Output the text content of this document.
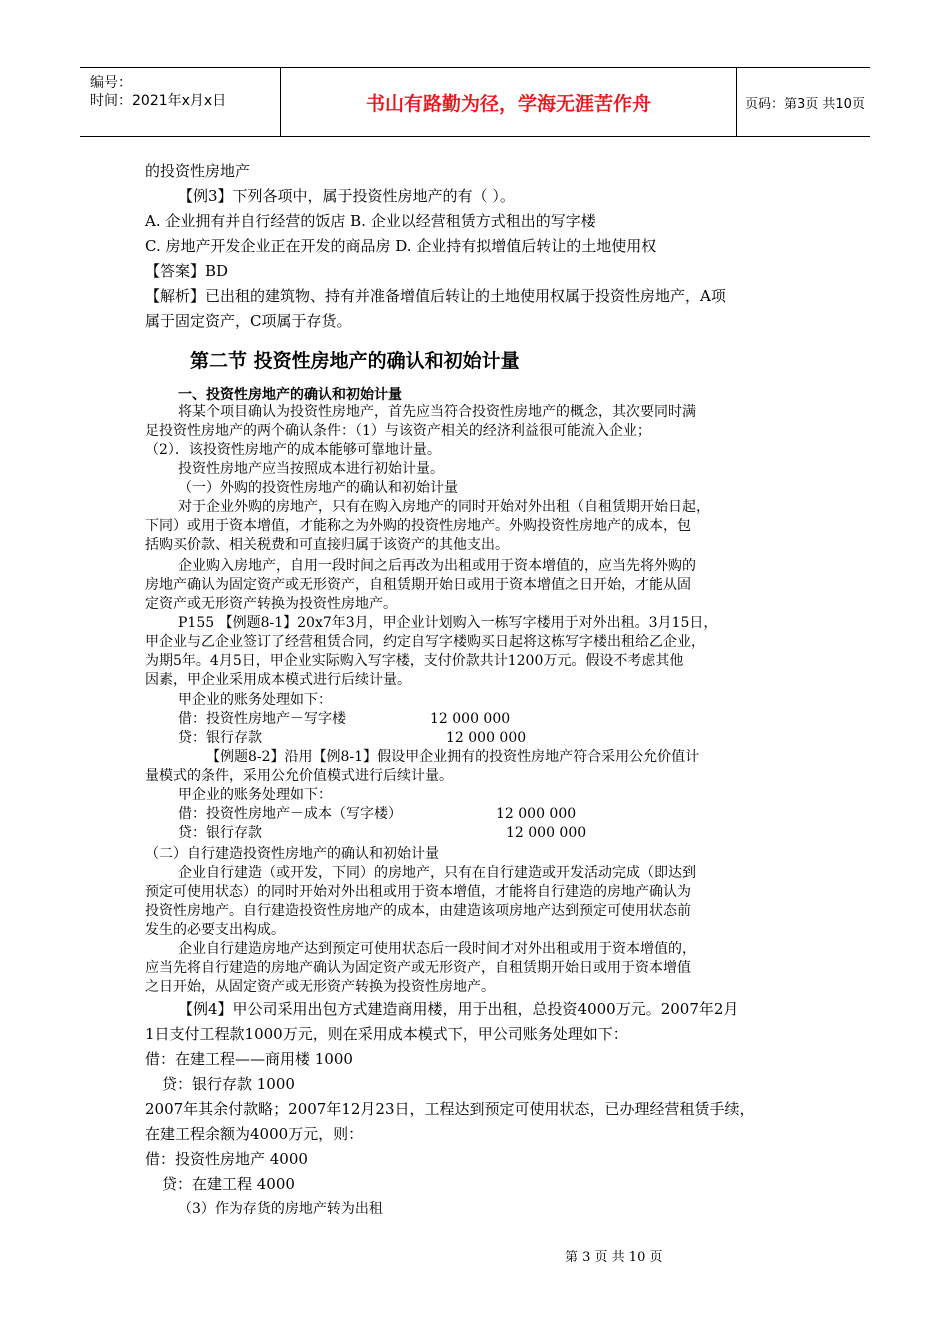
编号：
时间：2021年x月x日	书山有路勤为径，学海无涯苦作舟	页码：第3页 共10页
的投资性房地产
【例3】下列各项中，属于投资性房地产的有（ ）。
A. 企业拥有并自行经营的饭店 B. 企业以经营租赁方式租出的写字楼
C. 房地产开发企业正在开发的商品房 D. 企业持有拟增值后转让的土地使用权
【答案】BD
【解析】已出租的建筑物、持有并准备增值后转让的土地使用权属于投资性房地产，A项
属于固定资产，C项属于存货。
第二节 投资性房地产的确认和初始计量
一、投资性房地产的确认和初始计量
将某个项目确认为投资性房地产，首先应当符合投资性房地产的概念，其次要同时满
足投资性房地产的两个确认条件：（1）与该资产相关的经济利益很可能流入企业；
（2）．该投资性房地产的成本能够可靠地计量。
投资性房地产应当按照成本进行初始计量。
（一）外购的投资性房地产的确认和初始计量
对于企业外购的房地产，只有在购入房地产的同时开始对外出租（自租赁期开始日起，
下同）或用于资本增值，才能称之为外购的投资性房地产。外购投资性房地产的成本，包
括购买价款、相关税费和可直接归属于该资产的其他支出。
企业购入房地产，自用一段时间之后再改为出租或用于资本增值的，应当先将外购的
房地产确认为固定资产或无形资产，自租赁期开始日或用于资本增值之日开始，才能从固
定资产或无形资产转换为投资性房地产。
P155 【例题8-1】20x7年3月，甲企业计划购入一栋写字楼用于对外出租。3月15日，
甲企业与乙企业签订了经营租赁合同，约定自写字楼购买日起将这栋写字楼出租给乙企业，
为期5年。4月5日，甲企业实际购入写字楼，支付价款共计1200万元。假设不考虑其他
因素，甲企业采用成本模式进行后续计量。
甲企业的账务处理如下：
借：投资性房地产－写字楼	12 000 000
贷：银行存款	12 000 000
【例题8-2】沿用【例8-1】假设甲企业拥有的投资性房地产符合采用公允价值计
量模式的条件，采用公允价值模式进行后续计量。
甲企业的账务处理如下：
借：投资性房地产－成本（写字楼）	12 000 000
贷：银行存款	12 000 000
（二）自行建造投资性房地产的确认和初始计量
企业自行建造（或开发，下同）的房地产，只有在自行建造或开发活动完成（即达到
预定可使用状态）的同时开始对外出租或用于资本增值，才能将自行建造的房地产确认为
投资性房地产。自行建造投资性房地产的成本，由建造该项房地产达到预定可使用状态前
发生的必要支出构成。
企业自行建造房地产达到预定可使用状态后一段时间才对外出租或用于资本增值的，
应当先将自行建造的房地产确认为固定资产或无形资产，自租赁期开始日或用于资本增值
之日开始，从固定资产或无形资产转换为投资性房地产。
【例4】甲公司采用出包方式建造商用楼，用于出租，总投资4000万元。2007年2月
1日支付工程款1000万元，则在采用成本模式下，甲公司账务处理如下：
借：在建工程——商用楼 1000
贷：银行存款 1000
2007年其余付款略；2007年12月23日，工程达到预定可使用状态，已办理经营租赁手续，
在建工程余额为4000万元，则：
借：投资性房地产 4000
贷：在建工程 4000
（3）作为存货的房地产转为出租
第 3 页 共 10 页
